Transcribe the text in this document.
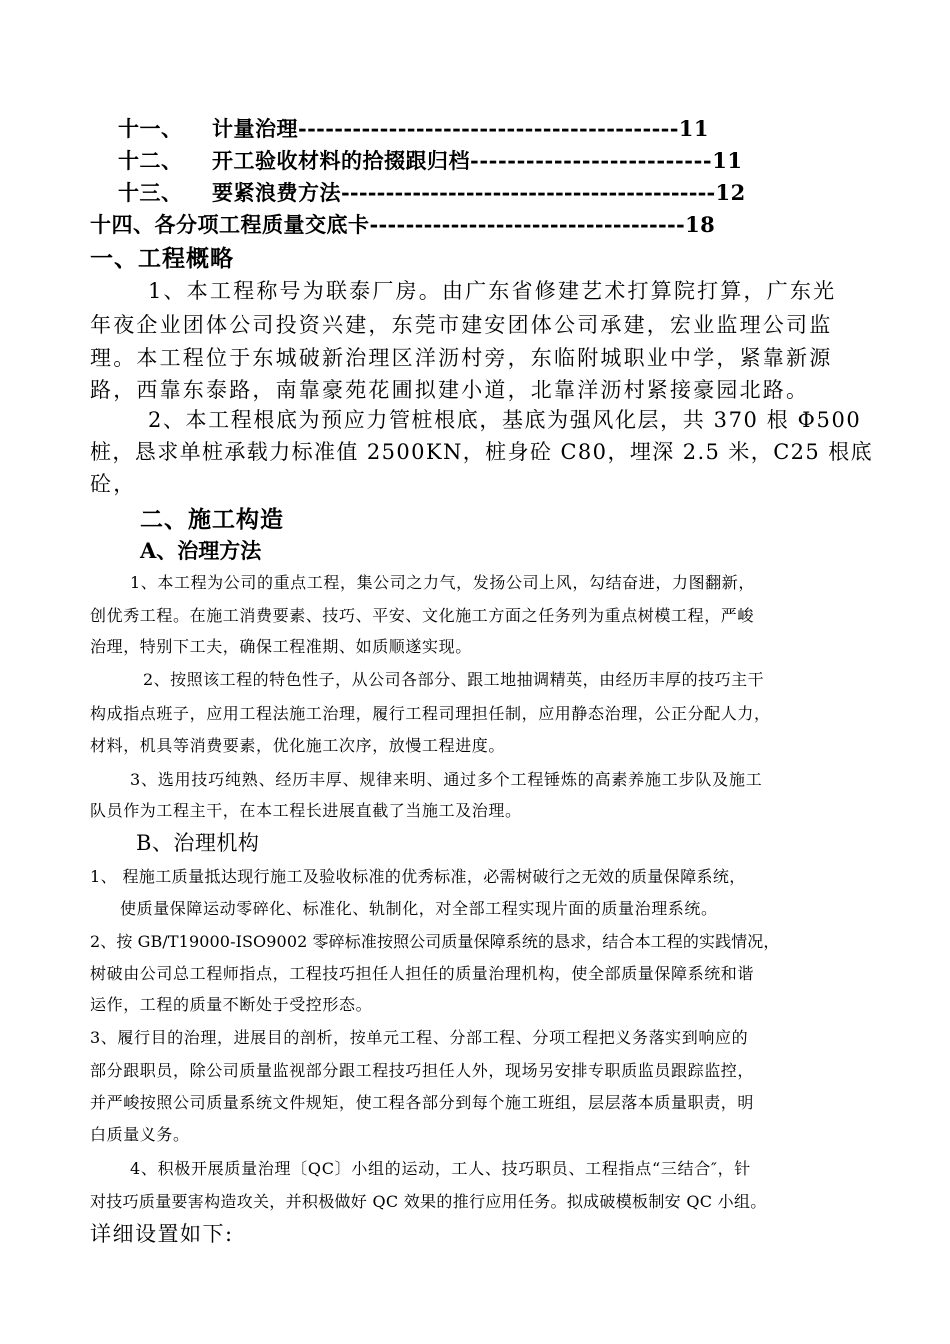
十一、 计量治理------------------------------------------11
十二、 开工验收材料的拾掇跟归档--------------------------11
十三、 要紧浪费方法------------------------------------------12
十四、各分项工程质量交底卡-----------------------------------18
一、工程概略
1、本工程称号为联泰厂房。由广东省修建艺术打算院打算，广东光
年夜企业团体公司投资兴建，东莞市建安团体公司承建，宏业监理公司监
理。本工程位于东城破新治理区洋沥村旁，东临附城职业中学，紧靠新源
路，西靠东泰路，南靠豪苑花圃拟建小道，北靠洋沥村紧接豪园北路。
2、本工程根底为预应力管桩根底，基底为强风化层，共 370 根 Φ500
桩，恳求单桩承载力标准值 2500KN，桩身砼 C80，埋深 2.5 米，C25 根底
砼，
二、施工构造
A、治理方法
1、本工程为公司的重点工程，集公司之力气，发扬公司上风，勾结奋进，力图翻新，
创优秀工程。在施工消费要素、技巧、平安、文化施工方面之任务列为重点树模工程，严峻
治理，特别下工夫，确保工程准期、如质顺遂实现。
2、按照该工程的特色性子，从公司各部分、跟工地抽调精英，由经历丰厚的技巧主干
构成指点班子，应用工程法施工治理，履行工程司理担任制，应用静态治理，公正分配人力，
材料，机具等消费要素，优化施工次序，放慢工程进度。
3、选用技巧纯熟、经历丰厚、规律来明、通过多个工程锤炼的高素养施工步队及施工
队员作为工程主干，在本工程长进展直截了当施工及治理。
B、治理机构
1、 程施工质量抵达现行施工及验收标准的优秀标准，必需树破行之无效的质量保障系统，
使质量保障运动零碎化、标准化、轨制化，对全部工程实现片面的质量治理系统。
2、按 GB/T19000-ISO9002 零碎标准按照公司质量保障系统的恳求，结合本工程的实践情况，
树破由公司总工程师指点，工程技巧担任人担任的质量治理机构，使全部质量保障系统和谐
运作，工程的质量不断处于受控形态。
3、履行目的治理，进展目的剖析，按单元工程、分部工程、分项工程把义务落实到响应的
部分跟职员，除公司质量监视部分跟工程技巧担任人外，现场另安排专职质监员跟踪监控，
并严峻按照公司质量系统文件规矩，使工程各部分到每个施工班组，层层落本质量职责，明
白质量义务。
4、积极开展质量治理〔QC〕小组的运动，工人、技巧职员、工程指点“三结合″，针
对技巧质量要害构造攻关，并积极做好 QC 效果的推行应用任务。拟成破模板制安 QC 小组。
详细设置如下:
